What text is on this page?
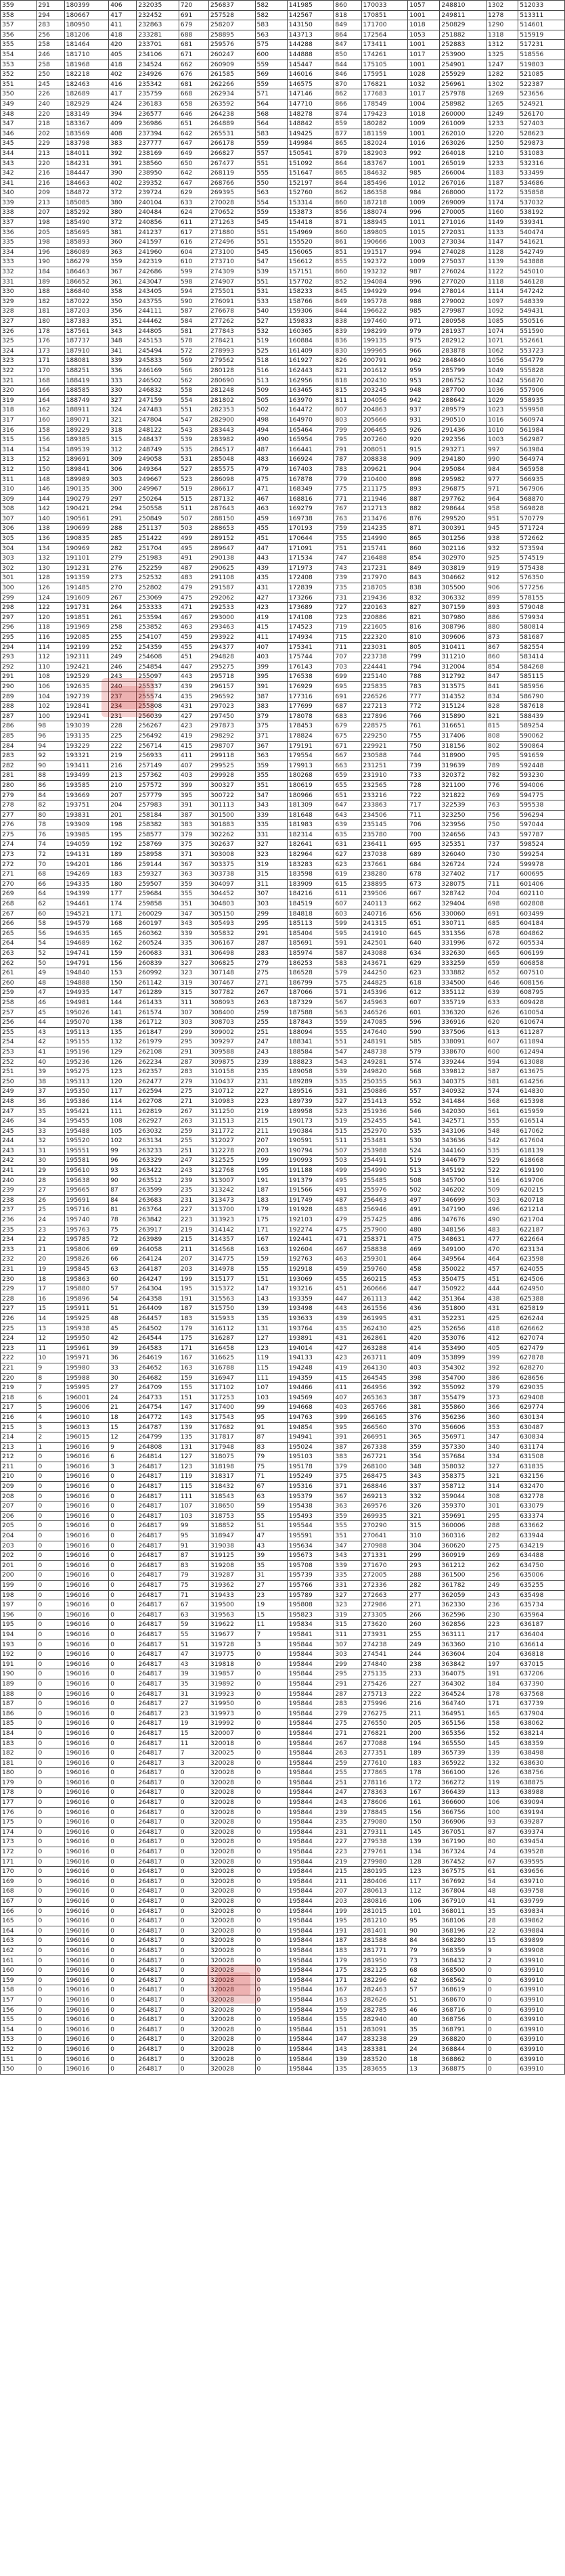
359	291	180399	406	232035	720	256837	582	141985	860	170033	1057	248810	1302	512033
358	294	180667	417	232452	691	257528	582	142567	818	170851	1001	249811	1278	513311
357	283	180950	411	232863	679	258207	583	143150	849	171700	1018	250829	1290	514601
356	256	181206	418	233281	688	258895	563	143713	864	172564	1053	251882	1318	515919
355	258	181464	420	233701	681	259576	575	144288	847	173411	1001	252883	1312	517231
354	246	181710	405	234106	671	260247	600	144888	850	174261	1017	253900	1325	518556
353	258	181968	418	234524	662	260909	559	145447	844	175105	1001	254901	1247	519803
352	250	182218	402	234926	676	261585	569	146016	846	175951	1028	255929	1282	521085
351	245	182463	416	235342	681	262266	559	146575	870	176821	1032	256961	1302	522387
350	226	182689	417	235759	668	262934	571	147146	862	177683	1017	257978	1269	523656
349	240	182929	424	236183	658	263592	564	147710	866	178549	1004	258982	1265	524921
348	220	183149	394	236577	646	264238	568	148278	874	179423	1018	260000	1249	526170
347	218	183367	409	236986	651	264889	564	148842	859	180282	1009	261009	1233	527403
346	202	183569	408	237394	642	265531	583	149425	877	181159	1001	262010	1220	528623
345	229	183798	383	237777	647	266178	559	149984	865	182024	1016	263026	1250	529873
344	213	184011	392	238169	649	266827	557	150541	879	182903	992	264018	1210	531083
343	220	184231	391	238560	650	267477	551	151092	864	183767	1001	265019	1233	532316
342	216	184447	390	238950	642	268119	555	151647	865	184632	985	266004	1183	533499
341	216	184663	402	239352	647	268766	550	152197	864	185496	1012	267016	1187	534686
340	209	184872	372	239724	629	269395	563	152760	862	186358	984	268000	1172	535858
339	213	185085	380	240104	633	270028	554	153314	860	187218	1009	269009	1174	537032
338	207	185292	380	240484	624	270652	559	153873	856	188074	996	270005	1160	538192
337	198	185490	372	240856	611	271263	545	154418	871	188945	1011	271016	1149	539341
336	205	185695	381	241237	617	271880	551	154969	860	189805	1015	272031	1133	540474
335	198	185893	360	241597	616	272496	551	155520	861	190666	1003	273034	1147	541621
334	196	186089	363	241960	604	273100	545	156065	851	191517	994	274028	1128	542749
333	190	186279	359	242319	610	273710	547	156612	855	192372	1009	275037	1139	543888
332	184	186463	367	242686	599	274309	539	157151	860	193232	987	276024	1122	545010
331	189	186652	361	243047	598	274907	551	157702	852	194084	996	277020	1118	546128
330	188	186840	358	243405	594	275501	531	158233	845	194929	994	278014	1114	547242
329	182	187022	350	243755	590	276091	533	158766	849	195778	988	279002	1097	548339
328	181	187203	356	244111	587	276678	540	159306	844	196622	985	279987	1092	549431
327	180	187383	351	244462	584	277262	527	159833	838	197460	971	280958	1085	550516
326	178	187561	343	244805	581	277843	532	160365	839	198299	979	281937	1074	551590
325	176	187737	348	245153	578	278421	519	160884	836	199135	975	282912	1071	552661
324	173	187910	341	245494	572	278993	525	161409	830	199965	966	283878	1062	553723
323	171	188081	339	245833	569	279562	518	161927	826	200791	962	284840	1056	554779
322	170	188251	336	246169	566	280128	516	162443	821	201612	959	285799	1049	555828
321	168	188419	333	246502	562	280690	513	162956	818	202430	953	286752	1042	556870
320	166	188585	330	246832	558	281248	509	163465	815	203245	948	287700	1036	557906
319	164	188749	327	247159	554	281802	505	163970	811	204056	942	288642	1029	558935
318	162	188911	324	247483	551	282353	502	164472	807	204863	937	289579	1023	559958
317	160	189071	321	247804	547	282900	498	164970	803	205666	931	290510	1016	560974
316	158	189229	318	248122	543	283443	494	165464	799	206465	926	291436	1010	561984
315	156	189385	315	248437	539	283982	490	165954	795	207260	920	292356	1003	562987
314	154	189539	312	248749	535	284517	487	166441	791	208051	915	293271	997	563984
313	152	189691	309	249058	531	285048	483	166924	787	208838	909	294180	990	564974
312	150	189841	306	249364	527	285575	479	167403	783	209621	904	295084	984	565958
311	148	189989	303	249667	523	286098	475	167878	779	210400	898	295982	977	566935
310	146	190135	300	249967	519	286617	471	168349	775	211175	893	296875	971	567906
309	144	190279	297	250264	515	287132	467	168816	771	211946	887	297762	964	568870
308	142	190421	294	250558	511	287643	463	169279	767	212713	882	298644	958	569828
307	140	190561	291	250849	507	288150	459	169738	763	213476	876	299520	951	570779
306	138	190699	288	251137	503	288653	455	170193	759	214235	871	300391	945	571724
305	136	190835	285	251422	499	289152	451	170644	755	214990	865	301256	938	572662
304	134	190969	282	251704	495	289647	447	171091	751	215741	860	302116	932	573594
303	132	191101	279	251983	491	290138	443	171534	747	216488	854	302970	925	574519
302	130	191231	276	252259	487	290625	439	171973	743	217231	849	303819	919	575438
301	128	191359	273	252532	483	291108	435	172408	739	217970	843	304662	912	576350
300	126	191485	270	252802	479	291587	431	172839	735	218705	838	305500	906	577256
299	124	191609	267	253069	475	292062	427	173266	731	219436	832	306332	899	578155
298	122	191731	264	253333	471	292533	423	173689	727	220163	827	307159	893	579048
297	120	191851	261	253594	467	293000	419	174108	723	220886	821	307980	886	579934
296	118	191969	258	253852	463	293463	415	174523	719	221605	816	308796	880	580814
295	116	192085	255	254107	459	293922	411	174934	715	222320	810	309606	873	581687
294	114	192199	252	254359	455	294377	407	175341	711	223031	805	310411	867	582554
293	112	192311	249	254608	451	294828	403	175744	707	223738	799	311210	860	583414
292	110	192421	246	254854	447	295275	399	176143	703	224441	794	312004	854	584268
291	108	192529	243	255097	443	295718	395	176538	699	225140	788	312792	847	585115
290	106	192635	240	255337	439	296157	391	176929	695	225835	783	313575	841	585956
289	104	192739	237	255574	435	296592	387	177316	691	226526	777	314352	834	586790
288	102	192841	234	255808	431	297023	383	177699	687	227213	772	315124	828	587618
287	100	192941	231	256039	427	297450	379	178078	683	227896	766	315890	821	588439
286	98	193039	228	256267	423	297873	375	178453	679	228575	761	316651	815	589254
285	96	193135	225	256492	419	298292	371	178824	675	229250	755	317406	808	590062
284	94	193229	222	256714	415	298707	367	179191	671	229921	750	318156	802	590864
283	92	193321	219	256933	411	299118	363	179554	667	230588	744	318900	795	591659
282	90	193411	216	257149	407	299525	359	179913	663	231251	739	319639	789	592448
281	88	193499	213	257362	403	299928	355	180268	659	231910	733	320372	782	593230
280	86	193585	210	257572	399	300327	351	180619	655	232565	728	321100	776	594006
279	84	193669	207	257779	395	300722	347	180966	651	233216	722	321822	769	594775
278	82	193751	204	257983	391	301113	343	181309	647	233863	717	322539	763	595538
277	80	193831	201	258184	387	301500	339	181648	643	234506	711	323250	756	596294
276	78	193909	198	258382	383	301883	335	181983	639	235145	706	323956	750	597044
275	76	193985	195	258577	379	302262	331	182314	635	235780	700	324656	743	597787
274	74	194059	192	258769	375	302637	327	182641	631	236411	695	325351	737	598524
273	72	194131	189	258958	371	303008	323	182964	627	237038	689	326040	730	599254
272	70	194201	186	259144	367	303375	319	183283	623	237661	684	326724	724	599978
271	68	194269	183	259327	363	303738	315	183598	619	238280	678	327402	717	600695
270	66	194335	180	259507	359	304097	311	183909	615	238895	673	328075	711	601406
269	64	194399	177	259684	355	304452	307	184216	611	239506	667	328742	704	602110
268	62	194461	174	259858	351	304803	303	184519	607	240113	662	329404	698	602808
267	60	194521	171	260029	347	305150	299	184818	603	240716	656	330060	691	603499
266	58	194579	168	260197	343	305493	295	185113	599	241315	651	330711	685	604184
265	56	194635	165	260362	339	305832	291	185404	595	241910	645	331356	678	604862
264	54	194689	162	260524	335	306167	287	185691	591	242501	640	331996	672	605534
263	52	194741	159	260683	331	306498	283	185974	587	243088	634	332630	665	606199
262	50	194791	156	260839	327	306825	279	186253	583	243671	629	333259	659	606858
261	49	194840	153	260992	323	307148	275	186528	579	244250	623	333882	652	607510
260	48	194888	150	261142	319	307467	271	186799	575	244825	618	334500	646	608156
259	47	194935	147	261289	315	307782	267	187066	571	245396	612	335112	639	608795
258	46	194981	144	261433	311	308093	263	187329	567	245963	607	335719	633	609428
257	45	195026	141	261574	307	308400	259	187588	563	246526	601	336320	626	610054
256	44	195070	138	261712	303	308703	255	187843	559	247085	596	336916	620	610674
255	43	195113	135	261847	299	309002	251	188094	555	247640	590	337506	613	611287
254	42	195155	132	261979	295	309297	247	188341	551	248191	585	338091	607	611894
253	41	195196	129	262108	291	309588	243	188584	547	248738	579	338670	600	612494
252	40	195236	126	262234	287	309875	239	188823	543	249281	574	339244	594	613088
251	39	195275	123	262357	283	310158	235	189058	539	249820	568	339812	587	613675
250	38	195313	120	262477	279	310437	231	189289	535	250355	563	340375	581	614256
249	37	195350	117	262594	275	310712	227	189516	531	250886	557	340932	574	614830
248	36	195386	114	262708	271	310983	223	189739	527	251413	552	341484	568	615398
247	35	195421	111	262819	267	311250	219	189958	523	251936	546	342030	561	615959
246	34	195455	108	262927	263	311513	215	190173	519	252455	541	342571	555	616514
245	33	195488	105	263032	259	311772	211	190384	515	252970	535	343106	548	617062
244	32	195520	102	263134	255	312027	207	190591	511	253481	530	343636	542	617604
243	31	195551	99	263233	251	312278	203	190794	507	253988	524	344160	535	618139
242	30	195581	96	263329	247	312525	199	190993	503	254491	519	344679	529	618668
241	29	195610	93	263422	243	312768	195	191188	499	254990	513	345192	522	619190
240	28	195638	90	263512	239	313007	191	191379	495	255485	508	345700	516	619706
239	27	195665	87	263599	235	313242	187	191566	491	255976	502	346202	509	620215
238	26	195691	84	263683	231	313473	183	191749	487	256463	497	346699	503	620718
237	25	195716	81	263764	227	313700	179	191928	483	256946	491	347190	496	621214
236	24	195740	78	263842	223	313923	175	192103	479	257425	486	347676	490	621704
235	23	195763	75	263917	219	314142	171	192274	475	257900	480	348156	483	622187
234	22	195785	72	263989	215	314357	167	192441	471	258371	475	348631	477	622664
233	21	195806	69	264058	211	314568	163	192604	467	258838	469	349100	470	623134
232	20	195826	66	264124	207	314775	159	192763	463	259301	464	349564	464	623598
231	19	195845	63	264187	203	314978	155	192918	459	259760	458	350022	457	624055
230	18	195863	60	264247	199	315177	151	193069	455	260215	453	350475	451	624506
229	17	195880	57	264304	195	315372	147	193216	451	260666	447	350922	444	624950
228	16	195896	54	264358	191	315563	143	193359	447	261113	442	351364	438	625388
227	15	195911	51	264409	187	315750	139	193498	443	261556	436	351800	431	625819
226	14	195925	48	264457	183	315933	135	193633	439	261995	431	352231	425	626244
225	13	195938	45	264502	179	316112	131	193764	435	262430	425	352656	418	626662
224	12	195950	42	264544	175	316287	127	193891	431	262861	420	353076	412	627074
223	11	195961	39	264583	171	316458	123	194014	427	263288	414	353490	405	627479
222	10	195971	36	264619	167	316625	119	194133	423	263711	409	353899	399	627878
221	9	195980	33	264652	163	316788	115	194248	419	264130	403	354302	392	628270
220	8	195988	30	264682	159	316947	111	194359	415	264545	398	354700	386	628656
219	7	195995	27	264709	155	317102	107	194466	411	264956	392	355092	379	629035
218	6	196001	24	264733	151	317253	103	194569	407	265363	387	355479	373	629408
217	5	196006	21	264754	147	317400	99	194668	403	265766	381	355860	366	629774
216	4	196010	18	264772	143	317543	95	194763	399	266165	376	356236	360	630134
215	3	196013	15	264787	139	317682	91	194854	395	266560	370	356606	353	630487
214	2	196015	12	264799	135	317817	87	194941	391	266951	365	356971	347	630834
213	1	196016	9	264808	131	317948	83	195024	387	267338	359	357330	340	631174
212	0	196016	6	264814	127	318075	79	195103	383	267721	354	357684	334	631508
211	0	196016	3	264817	123	318198	75	195178	379	268100	348	358032	327	631835
210	0	196016	0	264817	119	318317	71	195249	375	268475	343	358375	321	632156
209	0	196016	0	264817	115	318432	67	195316	371	268846	337	358712	314	632470
208	0	196016	0	264817	111	318543	63	195379	367	269213	332	359044	308	632778
207	0	196016	0	264817	107	318650	59	195438	363	269576	326	359370	301	633079
206	0	196016	0	264817	103	318753	55	195493	359	269935	321	359691	295	633374
205	0	196016	0	264817	99	318852	51	195544	355	270290	315	360006	288	633662
204	0	196016	0	264817	95	318947	47	195591	351	270641	310	360316	282	633944
203	0	196016	0	264817	91	319038	43	195634	347	270988	304	360620	275	634219
202	0	196016	0	264817	87	319125	39	195673	343	271331	299	360919	269	634488
201	0	196016	0	264817	83	319208	35	195708	339	271670	293	361212	262	634750
200	0	196016	0	264817	79	319287	31	195739	335	272005	288	361500	256	635006
199	0	196016	0	264817	75	319362	27	195766	331	272336	282	361782	249	635255
198	0	196016	0	264817	71	319433	23	195789	327	272663	277	362059	243	635498
197	0	196016	0	264817	67	319500	19	195808	323	272986	271	362330	236	635734
196	0	196016	0	264817	63	319563	15	195823	319	273305	266	362596	230	635964
195	0	196016	0	264817	59	319622	11	195834	315	273620	260	362856	223	636187
194	0	196016	0	264817	55	319677	7	195841	311	273931	255	363111	217	636404
193	0	196016	0	264817	51	319728	3	195844	307	274238	249	363360	210	636614
192	0	196016	0	264817	47	319775	0	195844	303	274541	244	363604	204	636818
191	0	196016	0	264817	43	319818	0	195844	299	274840	238	363842	197	637015
190	0	196016	0	264817	39	319857	0	195844	295	275135	233	364075	191	637206
189	0	196016	0	264817	35	319892	0	195844	291	275426	227	364302	184	637390
188	0	196016	0	264817	31	319923	0	195844	287	275713	222	364524	178	637568
187	0	196016	0	264817	27	319950	0	195844	283	275996	216	364740	171	637739
186	0	196016	0	264817	23	319973	0	195844	279	276275	211	364951	165	637904
185	0	196016	0	264817	19	319992	0	195844	275	276550	205	365156	158	638062
184	0	196016	0	264817	15	320007	0	195844	271	276821	200	365356	152	638214
183	0	196016	0	264817	11	320018	0	195844	267	277088	194	365550	145	638359
182	0	196016	0	264817	7	320025	0	195844	263	277351	189	365739	139	638498
181	0	196016	0	264817	3	320028	0	195844	259	277610	183	365922	132	638630
180	0	196016	0	264817	0	320028	0	195844	255	277865	178	366100	126	638756
179	0	196016	0	264817	0	320028	0	195844	251	278116	172	366272	119	638875
178	0	196016	0	264817	0	320028	0	195844	247	278363	167	366439	113	638988
177	0	196016	0	264817	0	320028	0	195844	243	278606	161	366600	106	639094
176	0	196016	0	264817	0	320028	0	195844	239	278845	156	366756	100	639194
175	0	196016	0	264817	0	320028	0	195844	235	279080	150	366906	93	639287
174	0	196016	0	264817	0	320028	0	195844	231	279311	145	367051	87	639374
173	0	196016	0	264817	0	320028	0	195844	227	279538	139	367190	80	639454
172	0	196016	0	264817	0	320028	0	195844	223	279761	134	367324	74	639528
171	0	196016	0	264817	0	320028	0	195844	219	279980	128	367452	67	639595
170	0	196016	0	264817	0	320028	0	195844	215	280195	123	367575	61	639656
169	0	196016	0	264817	0	320028	0	195844	211	280406	117	367692	54	639710
168	0	196016	0	264817	0	320028	0	195844	207	280613	112	367804	48	639758
167	0	196016	0	264817	0	320028	0	195844	203	280816	106	367910	41	639799
166	0	196016	0	264817	0	320028	0	195844	199	281015	101	368011	35	639834
165	0	196016	0	264817	0	320028	0	195844	195	281210	95	368106	28	639862
164	0	196016	0	264817	0	320028	0	195844	191	281401	90	368196	22	639884
163	0	196016	0	264817	0	320028	0	195844	187	281588	84	368280	15	639899
162	0	196016	0	264817	0	320028	0	195844	183	281771	79	368359	9	639908
161	0	196016	0	264817	0	320028	0	195844	179	281950	73	368432	2	639910
160	0	196016	0	264817	0	320028	0	195844	175	282125	68	368500	0	639910
159	0	196016	0	264817	0	320028	0	195844	171	282296	62	368562	0	639910
158	0	196016	0	264817	0	320028	0	195844	167	282463	57	368619	0	639910
157	0	196016	0	264817	0	320028	0	195844	163	282626	51	368670	0	639910
156	0	196016	0	264817	0	320028	0	195844	159	282785	46	368716	0	639910
155	0	196016	0	264817	0	320028	0	195844	155	282940	40	368756	0	639910
154	0	196016	0	264817	0	320028	0	195844	151	283091	35	368791	0	639910
153	0	196016	0	264817	0	320028	0	195844	147	283238	29	368820	0	639910
152	0	196016	0	264817	0	320028	0	195844	143	283381	24	368844	0	639910
151	0	196016	0	264817	0	320028	0	195844	139	283520	18	368862	0	639910
150	0	196016	0	264817	0	320028	0	195844	135	283655	13	368875	0	639910
